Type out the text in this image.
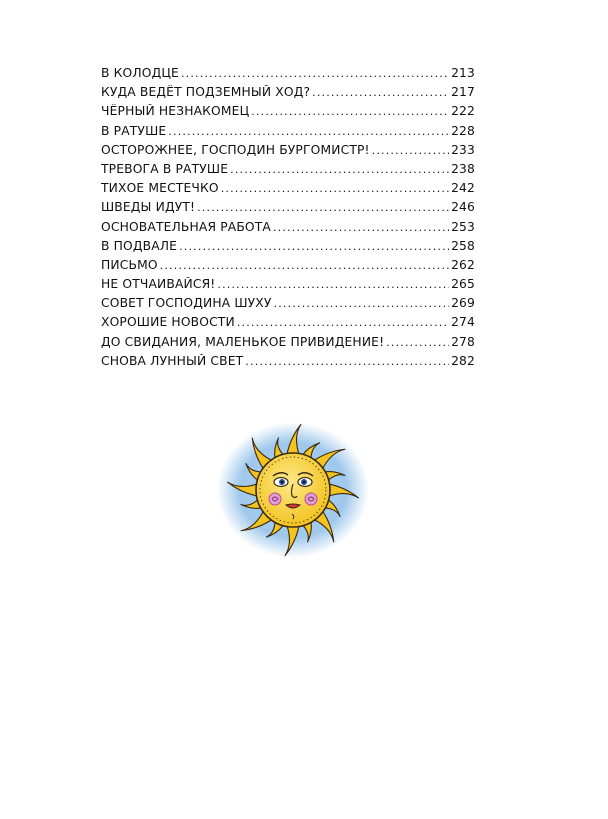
В КОЛОДЦЕ .....	213
КУДА ВЕДЁТ ПОДЗЕМНЫЙ ХОД? .....	217
ЧЁРНЫЙ НЕЗНАКОМЕЦ .....	222
В РАТУШЕ .....	228
ОСТОРОЖНЕЕ, ГОСПОДИН БУРГОМИСТР! .....	233
ТРЕВОГА В РАТУШЕ .....	238
ТИХОЕ МЕСТЕЧКО .....	242
ШВЕДЫ ИДУТ! .....	246
ОСНОВАТЕЛЬНАЯ РАБОТА .....	253
В ПОДВАЛЕ .....	258
ПИСЬМО .....	262
НЕ ОТЧАИВАЙСЯ! .....	265
СОВЕТ ГОСПОДИНА ШУХУ .....	269
ХОРОШИЕ НОВОСТИ .....	274
ДО СВИДАНИЯ, МАЛЕНЬКОЕ ПРИВИДЕНИЕ! .....	278
СНОВА ЛУННЫЙ СВЕТ .....	282
